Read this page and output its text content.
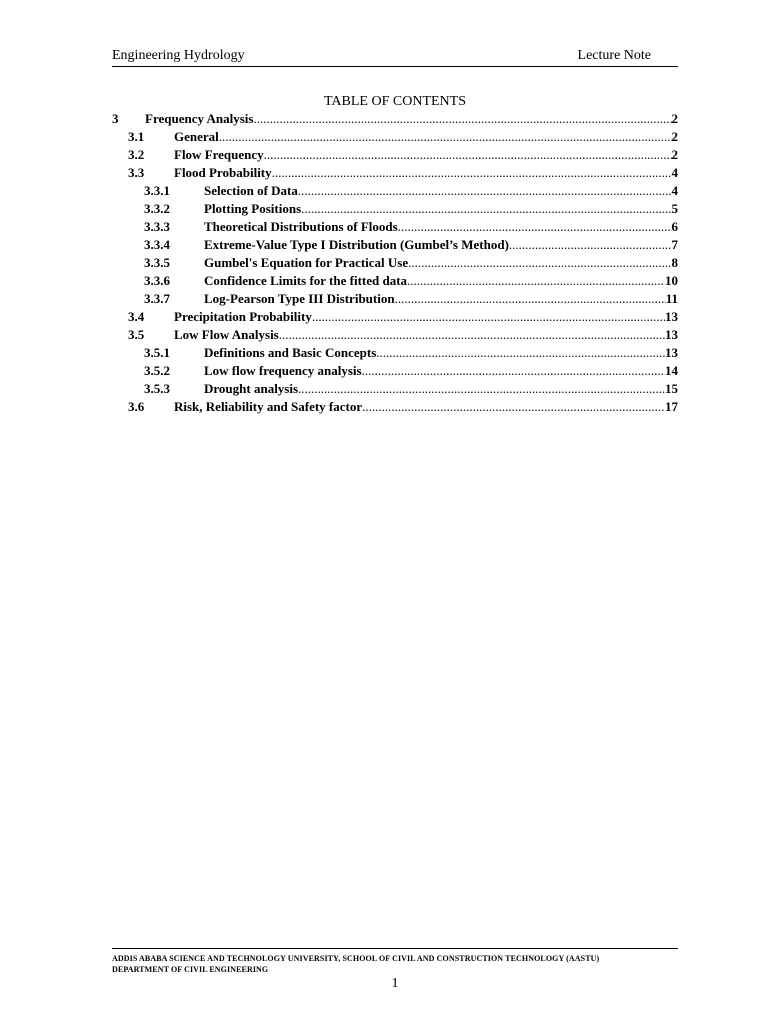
Engineering Hydrology	Lecture Note
TABLE OF CONTENTS
3 Frequency Analysis .....	2
3.1 General .....	2
3.2 Flow Frequency .....	2
3.3 Flood Probability .....	4
3.3.1	Selection of Data .....	4
3.3.2	Plotting Positions .....	5
3.3.3	Theoretical Distributions of Floods .....	6
3.3.4	Extreme-Value Type I Distribution (Gumbel’s Method) .....	7
3.3.5	Gumbel's Equation for Practical Use .....	8
3.3.6	Confidence Limits for the fitted data .....	10
3.3.7	Log-Pearson Type III Distribution .....	11
3.4 Precipitation Probability .....	13
3.5 Low Flow Analysis .....	13
3.5.1	Definitions and Basic Concepts .....	13
3.5.2	Low flow frequency analysis .....	14
3.5.3	Drought analysis .....	15
3.6 Risk, Reliability and Safety factor .....	17
ADDIS ABABA SCIENCE AND TECHNOLOGY UNIVERSITY, SCHOOL OF CIVIL AND CONSTRUCTION TECHNOLOGY (AASTU)
DEPARTMENT OF CIVIL ENGINEERING
1
